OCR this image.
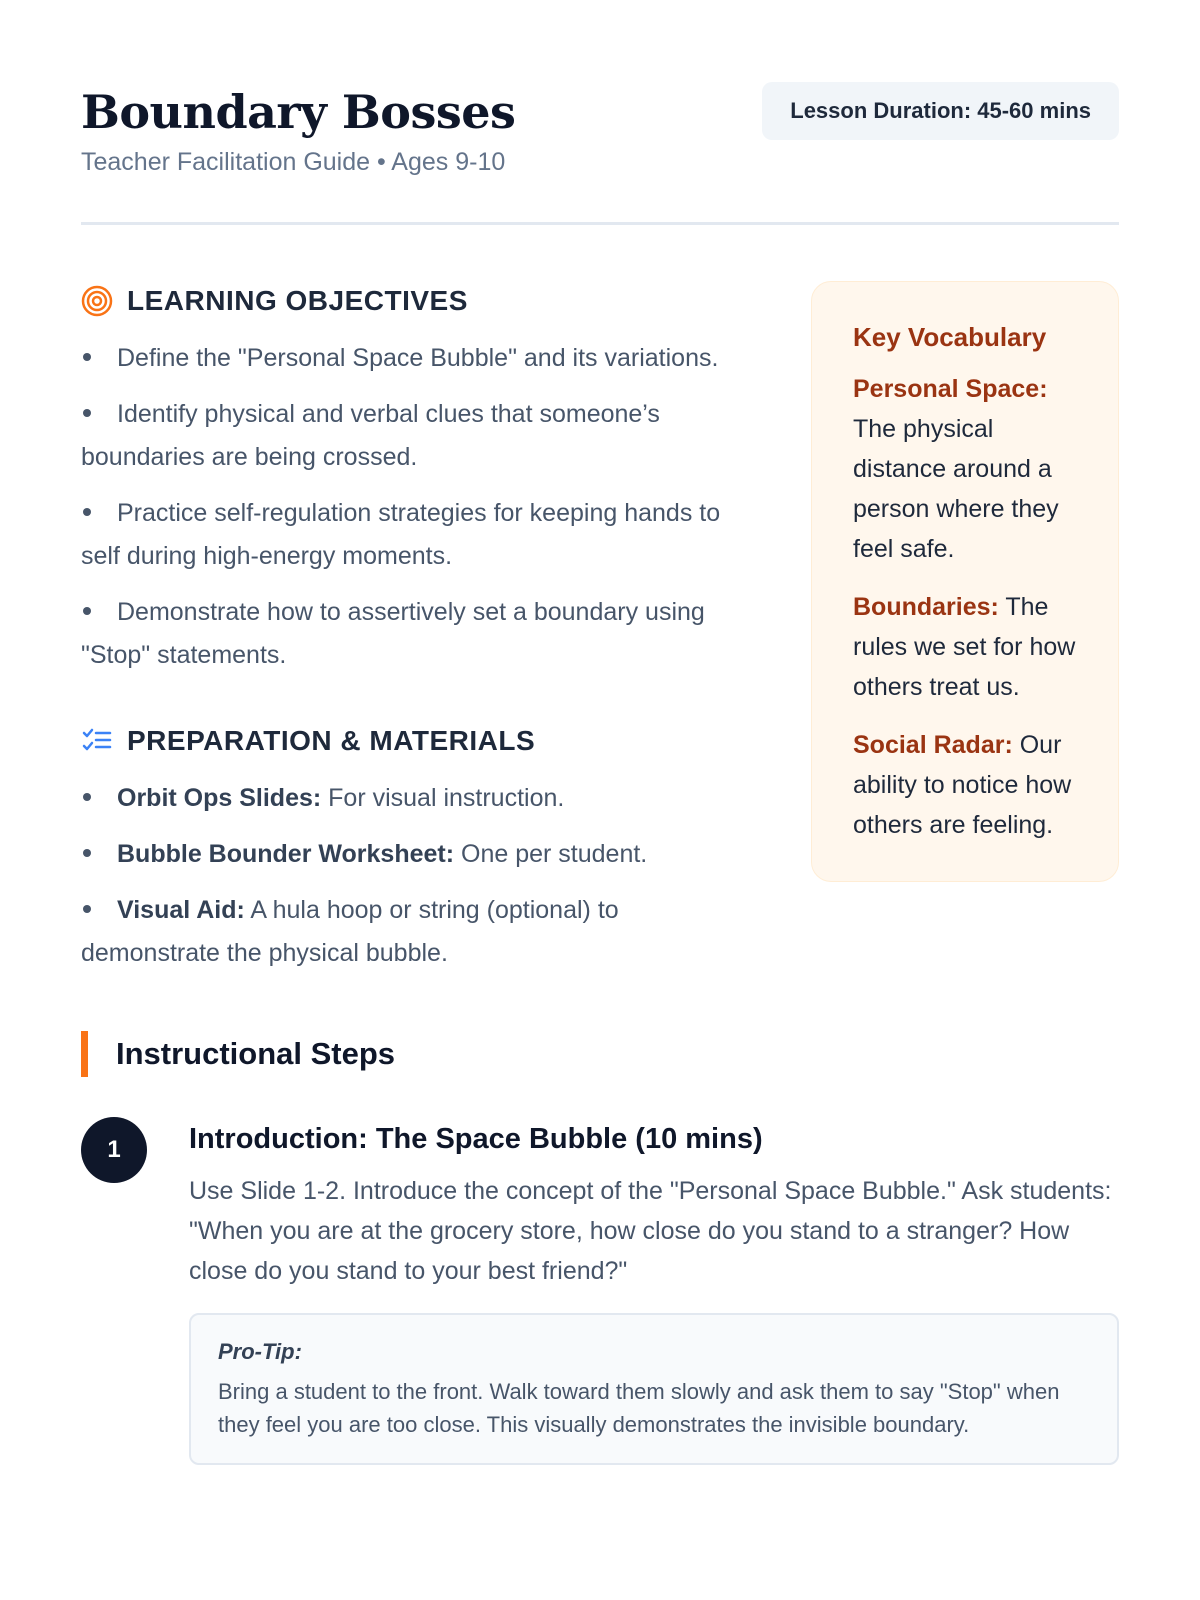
Boundary Bosses
Teacher Facilitation Guide • Ages 9-10
Lesson Duration: 45-60 mins
LEARNING OBJECTIVES
Define the "Personal Space Bubble" and its variations.
Identify physical and verbal clues that someone’s boundaries are being crossed.
Practice self-regulation strategies for keeping hands to self during high-energy moments.
Demonstrate how to assertively set a boundary using "Stop" statements.
PREPARATION & MATERIALS
Orbit Ops Slides: For visual instruction.
Bubble Bounder Worksheet: One per student.
Visual Aid: A hula hoop or string (optional) to demonstrate the physical bubble.
Key Vocabulary
Personal Space: The physical distance around a person where they feel safe.
Boundaries: The rules we set for how others treat us.
Social Radar: Our ability to notice how others are feeling.
Instructional Steps
1	Introduction: The Space Bubble (10 mins)
Use Slide 1-2. Introduce the concept of the "Personal Space Bubble." Ask students: "When you are at the grocery store, how close do you stand to a stranger? How close do you stand to your best friend?"
Pro-Tip:
Bring a student to the front. Walk toward them slowly and ask them to say "Stop" when they feel you are too close. This visually demonstrates the invisible boundary.
